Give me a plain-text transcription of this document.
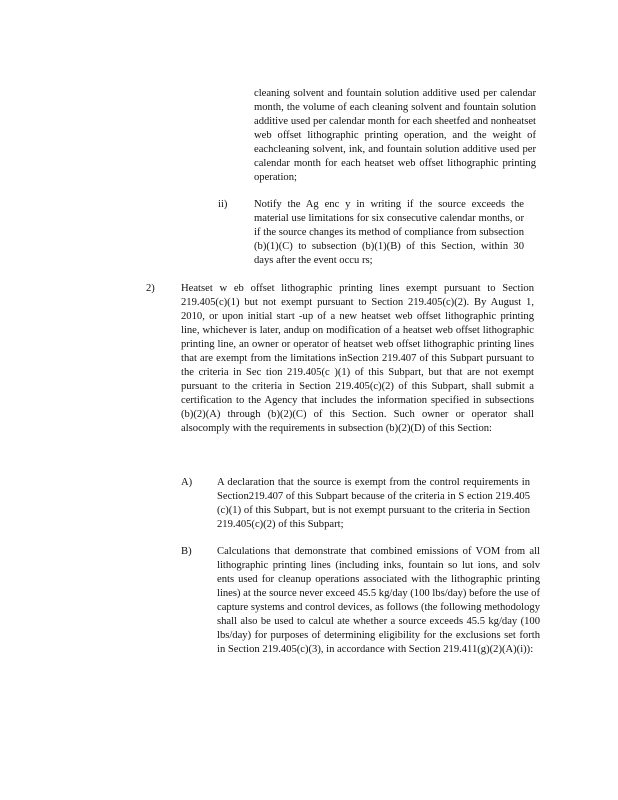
cleaning solvent and fountain solution additive used per calendar month, the volume of each cleaning solvent and fountain solution additive used per calendar month for each sheetfed and nonheatset web offset lithographic printing operation, and the weight of eachcleaning solvent, ink, and fountain solution additive used per calendar month for each heatset web offset lithographic printing operation;
ii)	Notify the Ag enc y in writing if the source exceeds the material use limitations for six consecutive calendar months, or if the source changes its method of compliance from subsection (b)(1)(C) to subsection (b)(1)(B) of this Section, within 30 days after the event occu rs;
2) Heatset w eb offset lithographic printing lines exempt pursuant to Section 219.405(c)(1) but not exempt pursuant to Section 219.405(c)(2). By August 1, 2010, or upon initial start -up of a new heatset web offset lithographic printing line, whichever is later, andup on modification of a heatset web offset lithographic printing line, an owner or operator of heatset web offset lithographic printing lines that are exempt from the limitations inSection 219.407 of this Subpart pursuant to the criteria in Sec tion 219.405(c )(1) of this Subpart, but that are not exempt pursuant to the criteria in Section 219.405(c)(2) of this Subpart, shall submit a certification to the Agency that includes the information specified in subsections (b)(2)(A) through (b)(2)(C) of this Section. Such owner or operator shall alsocomply with the requirements in subsection (b)(2)(D) of this Section:
A) A declaration that the source is exempt from the control requirements in Section219.407 of this Subpart because of the criteria in S ection 219.405 (c)(1) of this Subpart, but is not exempt pursuant to the criteria in Section 219.405(c)(2) of this Subpart;
B) Calculations that demonstrate that combined emissions of VOM from all lithographic printing lines (including inks, fountain so lut ions, and solv ents used for cleanup operations associated with the lithographic printing lines) at the source never exceed 45.5 kg/day (100 lbs/day) before the use of capture systems and control devices, as follows (the following methodology shall also be used to calcul ate whether a source exceeds 45.5 kg/day (100 lbs/day) for purposes of determining eligibility for the exclusions set forth in Section 219.405(c)(3), in accordance with Section 219.411(g)(2)(A)(i)):
